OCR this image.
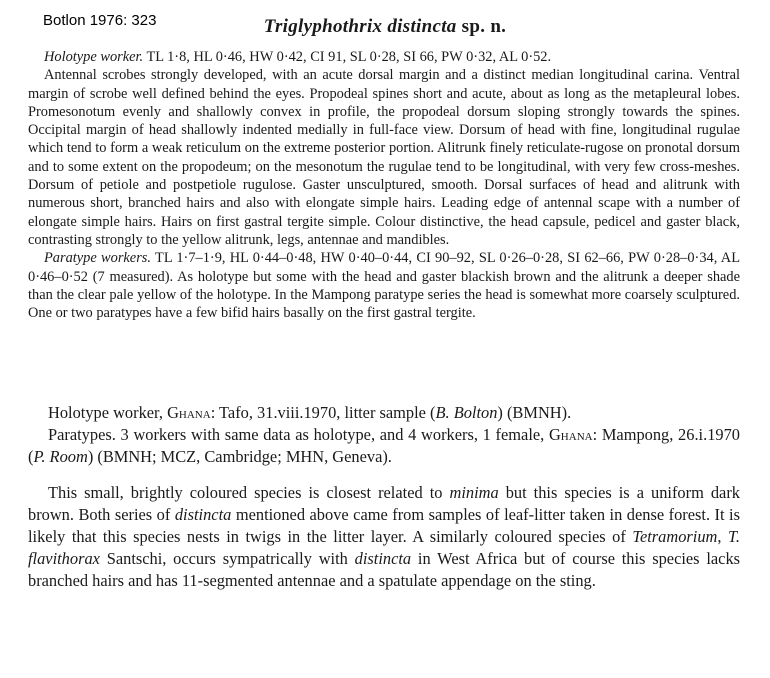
Botlon 1976: 323	Triglyphothrix distincta sp. n.

Holotype worker. TL 1·8, HL 0·46, HW 0·42, CI 91, SL 0·28, SI 66, PW 0·32, AL 0·52.

Antennal scrobes strongly developed, with an acute dorsal margin and a distinct median longitudinal carina. Ventral margin of scrobe well defined behind the eyes. Propodeal spines short and acute, about as long as the metapleural lobes. Promesonotum evenly and shallowly convex in profile, the propodeal dorsum sloping strongly towards the spines. Occipital margin of head shallowly indented medially in full-face view. Dorsum of head with fine, longitudinal rugulae which tend to form a weak reticulum on the extreme posterior portion. Alitrunk finely reticulate-rugose on pronotal dorsum and to some extent on the propodeum; on the mesonotum the rugulae tend to be longitudinal, with very few cross-meshes. Dorsum of petiole and postpetiole rugulose. Gaster unsculptured, smooth. Dorsal surfaces of head and alitrunk with numerous short, branched hairs and also with elongate simple hairs. Leading edge of antennal scape with a number of elongate simple hairs. Hairs on first gastral tergite simple. Colour distinctive, the head capsule, pedicel and gaster black, contrasting strongly to the yellow alitrunk, legs, antennae and mandibles.

Paratype workers. TL 1·7–1·9, HL 0·44–0·48, HW 0·40–0·44, CI 90–92, SL 0·26–0·28, SI 62–66, PW 0·28–0·34, AL 0·46–0·52 (7 measured). As holotype but some with the head and gaster blackish brown and the alitrunk a deeper shade than the clear pale yellow of the holotype. In the Mampong paratype series the head is somewhat more coarsely sculptured. One or two paratypes have a few bifid hairs basally on the first gastral tergite.

Holotype worker, Ghana: Tafo, 31.viii.1970, litter sample (B. Bolton) (BMNH).

Paratypes. 3 workers with same data as holotype, and 4 workers, 1 female, Ghana: Mampong, 26.i.1970 (P. Room) (BMNH; MCZ, Cambridge; MHN, Geneva).

This small, brightly coloured species is closest related to minima but this species is a uniform dark brown. Both series of distincta mentioned above came from samples of leaf-litter taken in dense forest. It is likely that this species nests in twigs in the litter layer. A similarly coloured species of Tetramorium, T. flavithorax Santschi, occurs sympatrically with distincta in West Africa but of course this species lacks branched hairs and has 11-segmented antennae and a spatulate appendage on the sting.
